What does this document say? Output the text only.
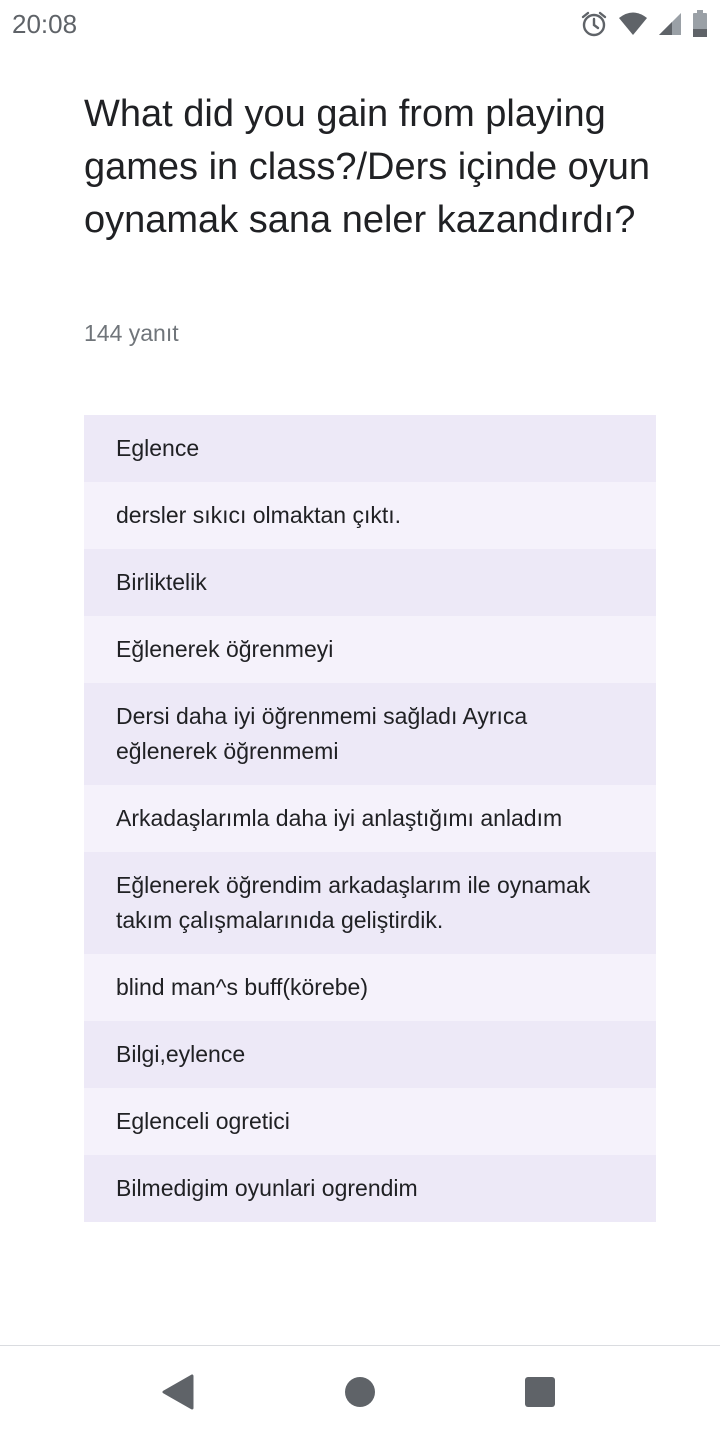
20:08
What did you gain from playing games in class?/Ders içinde oyun oynamak sana neler kazandırdı?
144 yanıt
Eglence
dersler sıkıcı olmaktan çıktı.
Birliktelik
Eğlenerek öğrenmeyi
Dersi daha iyi öğrenmemi sağladı Ayrıca eğlenerek öğrenmemi
Arkadaşlarımla daha iyi anlaştığımı anladım
Eğlenerek öğrendim arkadaşlarım ile oynamak takım çalışmalarınıda geliştirdik.
blind man^s buff(körebe)
Bilgi,eylence
Eglenceli ogretici
Bilmedigim oyunlari ogrendim
